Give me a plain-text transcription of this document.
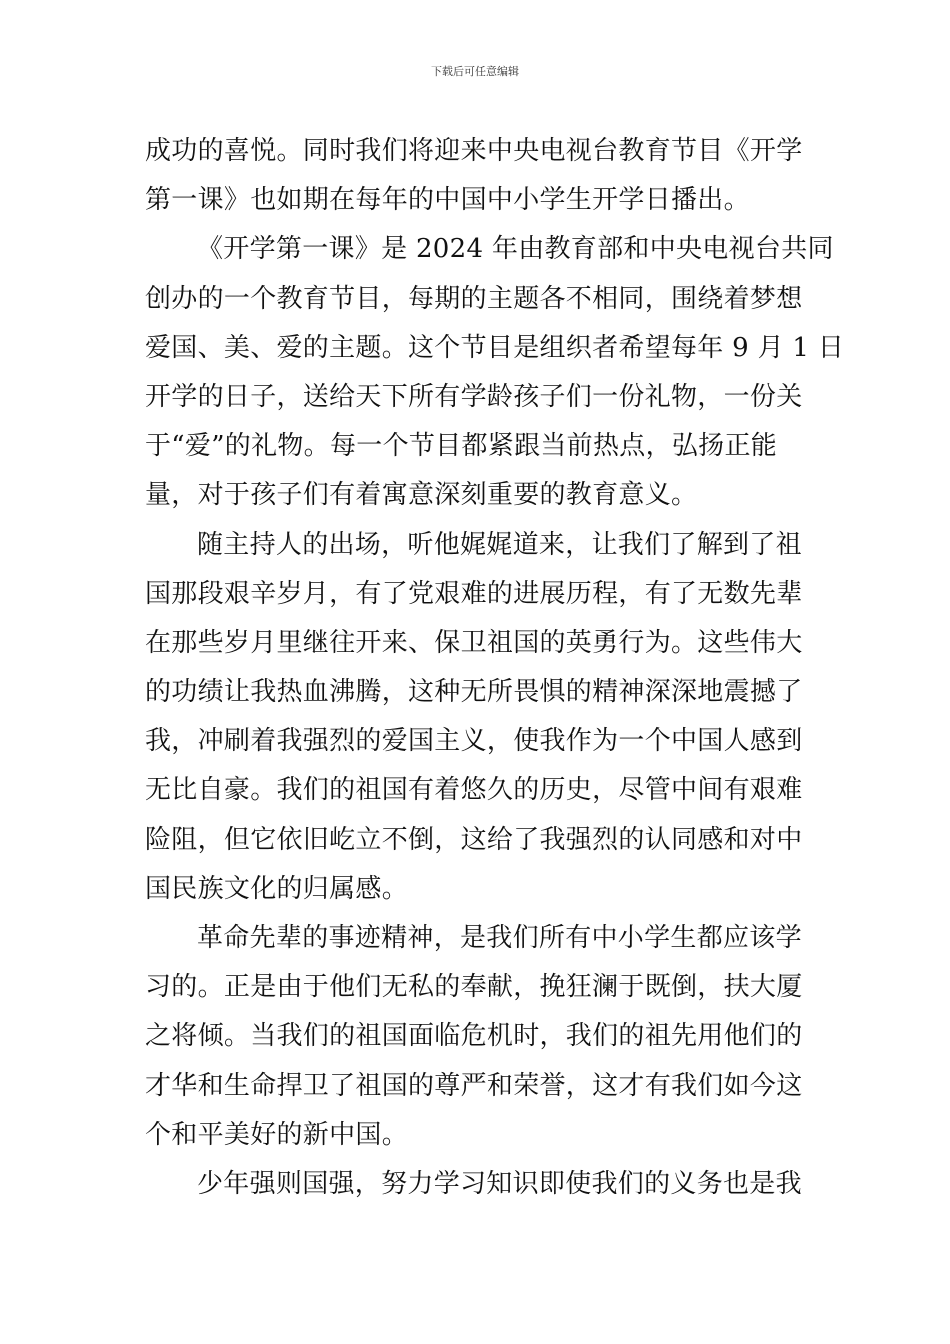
下载后可任意编辑
成功的喜悦。同时我们将迎来中央电视台教育节目《开学
第一课》也如期在每年的中国中小学生开学日播出。
《开学第一课》是 2024 年由教育部和中央电视台共同
创办的一个教育节目，每期的主题各不相同，围绕着梦想
爱国、美、爱的主题。这个节目是组织者希望每年 9 月 1 日
开学的日子，送给天下所有学龄孩子们一份礼物，一份关
于“爱”的礼物。每一个节目都紧跟当前热点，弘扬正能
量，对于孩子们有着寓意深刻重要的教育意义。
随主持人的出场，听他娓娓道来，让我们了解到了祖
国那段艰辛岁月，有了党艰难的进展历程，有了无数先辈
在那些岁月里继往开来、保卫祖国的英勇行为。这些伟大
的功绩让我热血沸腾，这种无所畏惧的精神深深地震撼了
我，冲刷着我强烈的爱国主义，使我作为一个中国人感到
无比自豪。我们的祖国有着悠久的历史，尽管中间有艰难
险阻，但它依旧屹立不倒，这给了我强烈的认同感和对中
国民族文化的归属感。
革命先辈的事迹精神，是我们所有中小学生都应该学
习的。正是由于他们无私的奉献，挽狂澜于既倒，扶大厦
之将倾。当我们的祖国面临危机时，我们的祖先用他们的
才华和生命捍卫了祖国的尊严和荣誉，这才有我们如今这
个和平美好的新中国。
少年强则国强，努力学习知识即使我们的义务也是我
